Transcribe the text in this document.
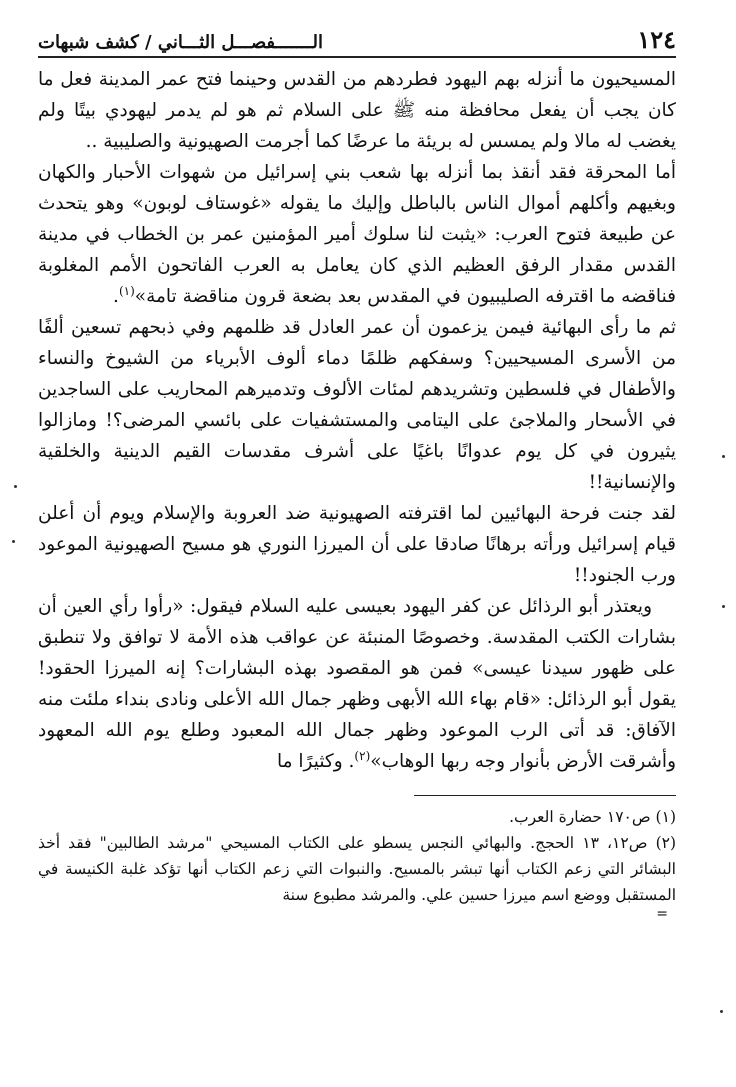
١٢٤
الـــــــفصـــل الثـــاني / كشف شبهات

المسيحيون ما أنزله بهم اليهود فطردهم من القدس وحينما فتح عمر المدينة فعل ما كان يجب أن يفعل محافظة منه ﷺ على السلام ثم هو لم يدمر ليهودي بيتًا ولم يغضب له مالا ولم يمسس له بريئة ما عرضًا كما أجرمت الصهيونية والصليبية ..

أما المحرقة فقد أنقذ بما أنزله بها شعب بني إسرائيل من شهوات الأحبار والكهان وبغيهم وأكلهم أموال الناس بالباطل وإليك ما يقوله «غوستاف لوبون» وهو يتحدث عن طبيعة فتوح العرب: «يثبت لنا سلوك أمير المؤمنين عمر بن الخطاب في مدينة القدس مقدار الرفق العظيم الذي كان يعامل به العرب الفاتحون الأمم المغلوبة فناقضه ما اقترفه الصليبيون في المقدس بعد بضعة قرون مناقضة تامة»$^{(١)}$.

ثم ما رأى البهائية فيمن يزعمون أن عمر العادل قد ظلمهم وفي ذبحهم تسعين ألفًا من الأسرى المسيحيين؟ وسفكهم ظلمًا دماء ألوف الأبرياء من الشيوخ والنساء والأطفال في فلسطين وتشريدهم لمئات الألوف وتدميرهم المحاريب على الساجدين في الأسحار والملاجئ على اليتامى والمستشفيات على بائسي المرضى؟! ومازالوا يثيرون في كل يوم عدوانًا باغيًا على أشرف مقدسات القيم الدينية والخلقية والإنسانية!!

لقد جنت فرحة البهائيين لما اقترفته الصهيونية ضد العروبة والإسلام ويوم أن أعلن قيام إسرائيل ورأته برهانًا صادقا على أن الميرزا النوري هو مسيح الصهيونية الموعود ورب الجنود!!

ويعتذر أبو الرذائل عن كفر اليهود بعيسى عليه السلام فيقول: «رأوا رأي العين أن بشارات الكتب المقدسة. وخصوصًا المنبئة عن عواقب هذه الأمة لا توافق ولا تنطبق على ظهور سيدنا عيسى» فمن هو المقصود بهذه البشارات؟ إنه الميرزا الحقود! يقول أبو الرذائل: «قام بهاء الله الأبهى وظهر جمال الله الأعلى ونادى بنداء ملئت منه الآفاق: قد أتى الرب الموعود وظهر جمال الله المعبود وطلع يوم الله المعهود وأشرقت الأرض بأنوار وجه ربها الوهاب»$^{(٢)}$. وكثيرًا ما

(١) ص١٧٠ حضارة العرب.

(٢) ص١٢، ١٣ الحجج. والبهائي النجس يسطو على الكتاب المسيحي "مرشد الطالبين" فقد أخذ البشائر التي زعم الكتاب أنها تبشر بالمسيح. والنبوات التي زعم الكتاب أنها تؤكد غلبة الكنيسة في المستقبل ووضع اسم ميرزا حسين علي. والمرشد مطبوع سنة

=
